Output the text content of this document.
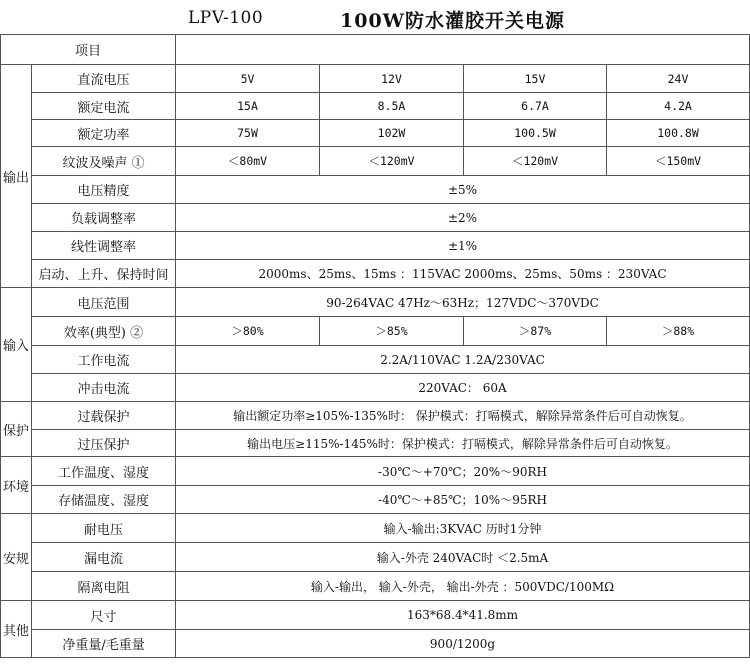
LPV-100	100W防水灌胶开关电源
项目					
输出	直流电压	5V	12V	15V	24V
	额定电流	15A	8.5A	6.7A	4.2A
	额定功率	75W	102W	100.5W	100.8W
	纹波及噪声 ①	＜80mV	＜120mV	＜120mV	＜150mV
	电压精度	±5%			
	负载调整率	±2%			
	线性调整率	±1%			
	启动、上升、保持时间	2000ms、25ms、15ms ：115VAC 2000ms、25ms、50ms ：230VAC			
输入	电压范围	90-264VAC 47Hz～63Hz；127VDC～370VDC			
	效率(典型) ②	＞80%	＞85%	＞87%	＞88%
	工作电流	2.2A/110VAC 1.2A/230VAC			
	冲击电流	220VAC： 60A			
保护	过载保护	输出额定功率≥105%-135%时： 保护模式：打嗝模式，解除异常条件后可自动恢复。			
	过压保护	输出电压≥115%-145%时：保护模式：打嗝模式，解除异常条件后可自动恢复。			
环境	工作温度、湿度	-30℃～+70℃；20%～90RH			
	存储温度、湿度	-40℃～+85℃；10%～95RH			
安规	耐电压	输入-输出:3KVAC 历时1分钟			
	漏电流	输入-外壳 240VAC时 ＜2.5mA			
	隔离电阻	输入-输出， 输入-外壳， 输出-外壳 ：500VDC/100MΩ			
其他	尺寸	163*68.4*41.8mm			
	净重量/毛重量	900/1200g			
